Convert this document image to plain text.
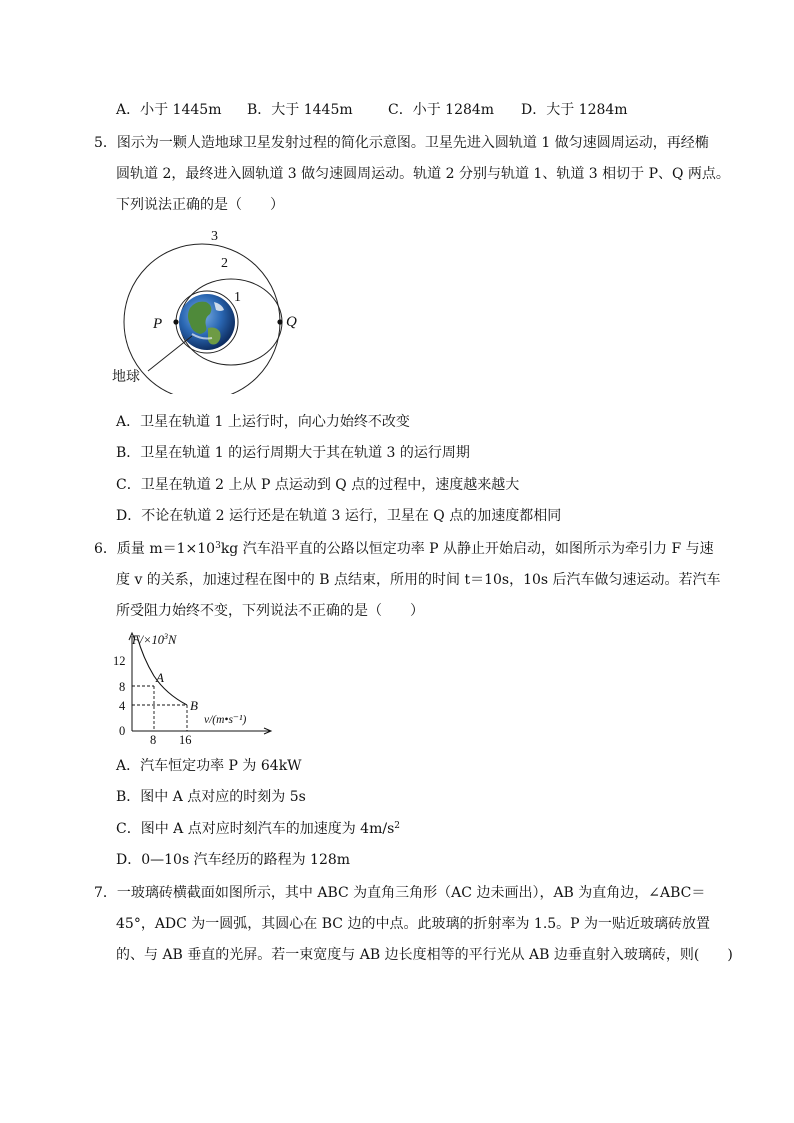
A．小于 1445m B．大于 1445m	C．小于 1284m D．大于 1284m
5．图示为一颗人造地球卫星发射过程的简化示意图。卫星先进入圆轨道 1 做匀速圆周运动，再经椭
圆轨道 2，最终进入圆轨道 3 做匀速圆周运动。轨道 2 分别与轨道 1、轨道 3 相切于 P、Q 两点。
下列说法正确的是（　　）
3
2
1
P	Q
地球
A．卫星在轨道 1 上运行时，向心力始终不改变
B．卫星在轨道 1 的运行周期大于其在轨道 3 的运行周期
C．卫星在轨道 2 上从 P 点运动到 Q 点的过程中，速度越来越大
D．不论在轨道 2 运行还是在轨道 3 运行，卫星在 Q 点的加速度都相同
6．质量 $m=1\times 10^3kg$ 汽车沿平直的公路以恒定功率 P 从静止开始启动，如图所示为牵引力 F 与速
度 v 的关系，加速过程在图中的 B 点结束，所用的时间 t＝10s，10s 后汽车做匀速运动。若汽车
所受阻力始终不变，下列说法不正确的是（　　）
$F/\times 10^3N$
v/(m•s⁻¹)
12
8
4
0
8 16
A
B
A．汽车恒定功率 P 为 64kW
B．图中 A 点对应的时刻为 5s
C．图中 A 点对应时刻汽车的加速度为 $4m/s^2$
D．0—10s 汽车经历的路程为 128m
7．一玻璃砖横截面如图所示，其中 ABC 为直角三角形（AC 边未画出），AB 为直角边，∠ABC＝
45°，ADC 为一圆弧，其圆心在 BC 边的中点。此玻璃的折射率为 1.5。P 为一贴近玻璃砖放置
的、与 AB 垂直的光屏。若一束宽度与 AB 边长度相等的平行光从 AB 边垂直射入玻璃砖，则(　　)
